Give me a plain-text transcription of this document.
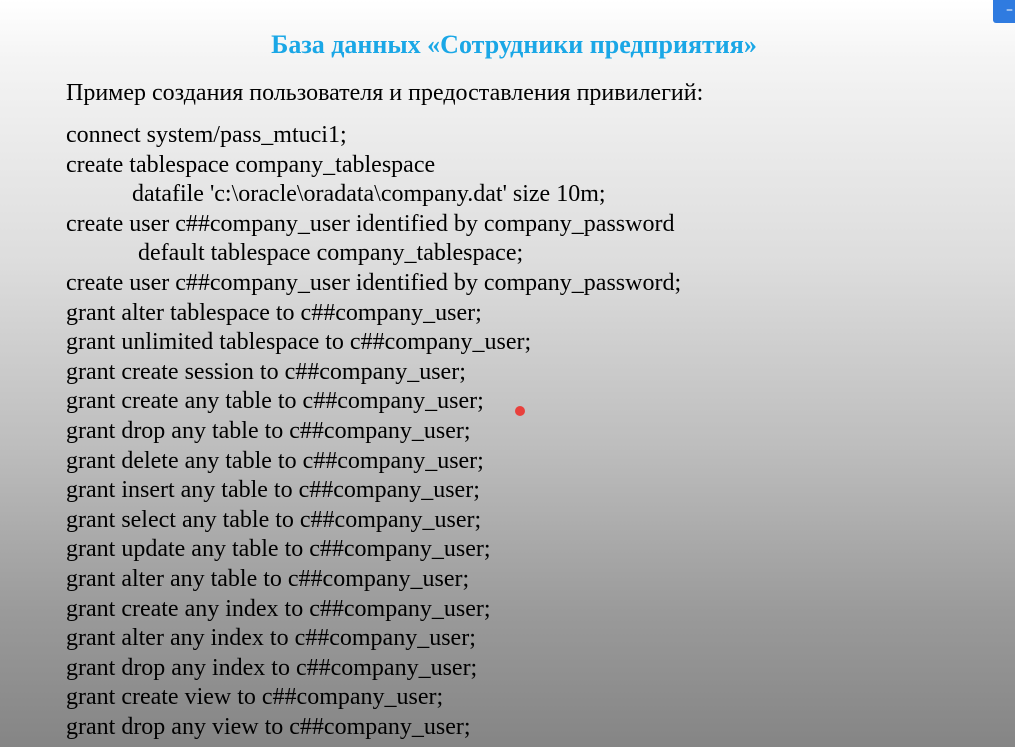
База данных «Сотрудники предприятия»
Пример создания пользователя и предоставления привилегий:
connect system/pass_mtuci1;
create tablespace company_tablespace
datafile 'c:\oracle\oradata\company.dat' size 10m;
create user c##company_user identified by company_password
default tablespace company_tablespace;
create user c##company_user identified by company_password;
grant alter tablespace to c##company_user;
grant unlimited tablespace to c##company_user;
grant create session to c##company_user;
grant create any table to c##company_user;
grant drop any table to c##company_user;
grant delete any table to c##company_user;
grant insert any table to c##company_user;
grant select any table to c##company_user;
grant update any table to c##company_user;
grant alter any table to c##company_user;
grant create any index to c##company_user;
grant alter any index to c##company_user;
grant drop any index to c##company_user;
grant create view to c##company_user;
grant drop any view to c##company_user;
–
